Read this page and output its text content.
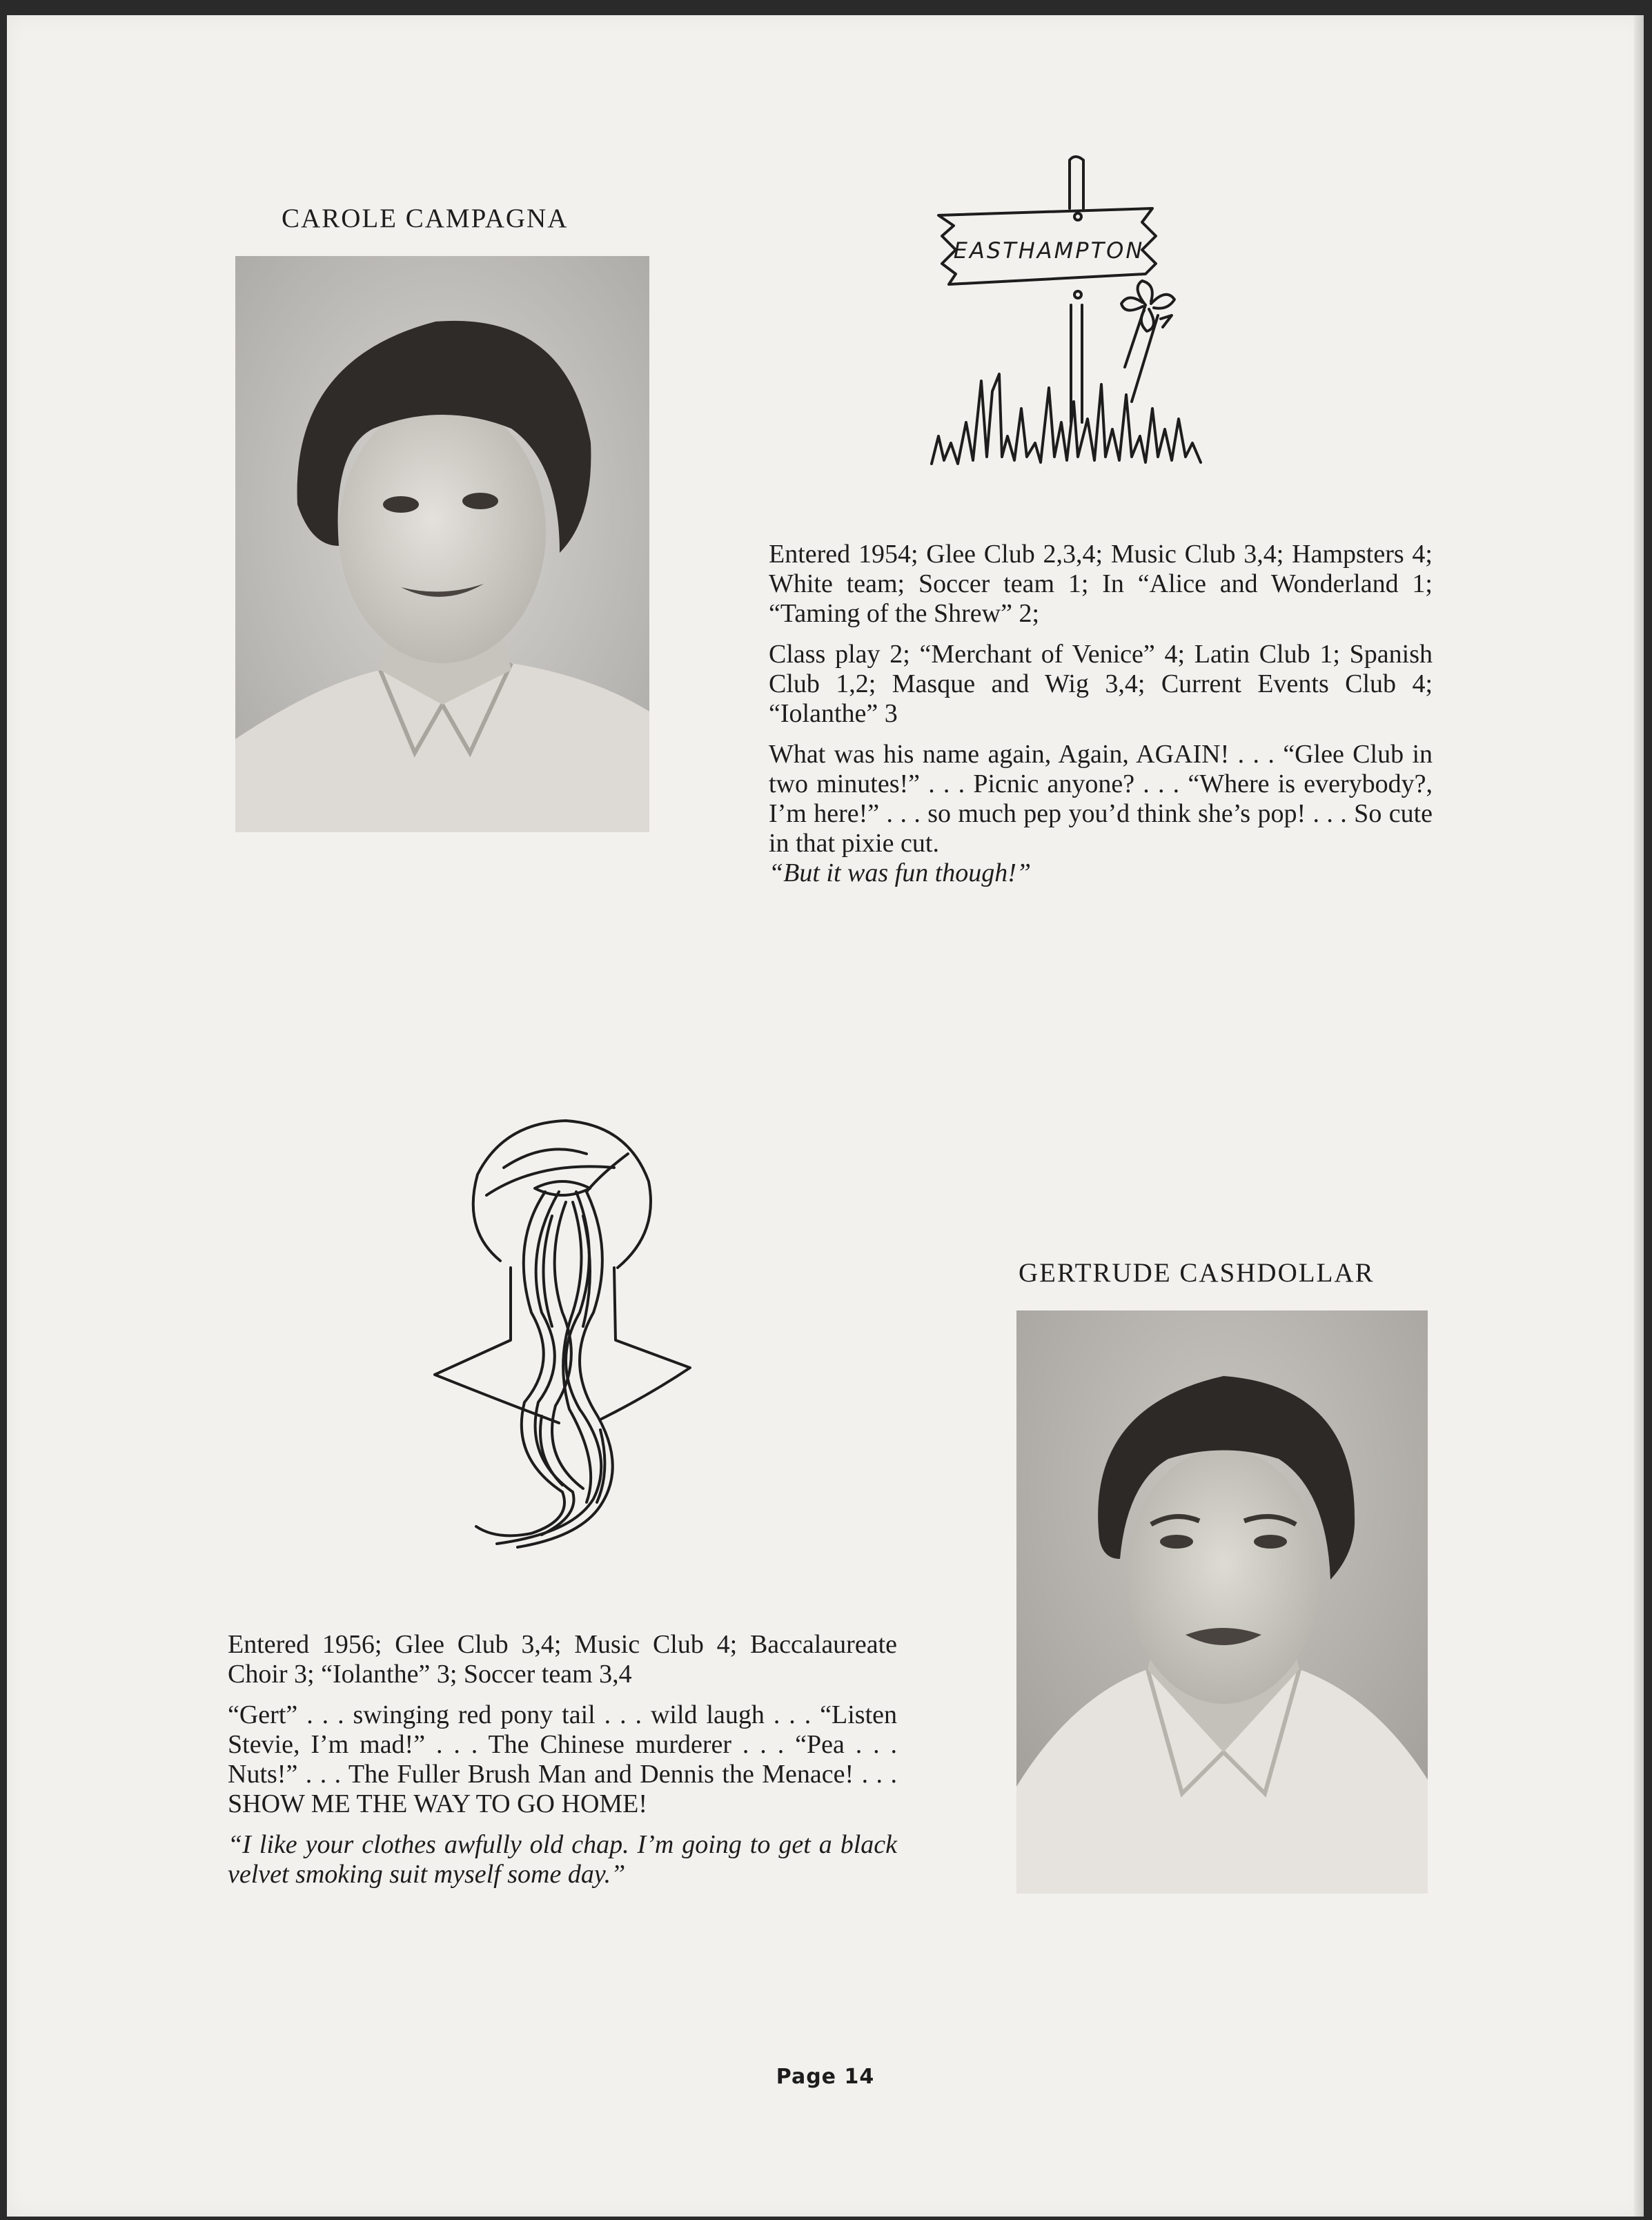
CAROLE CAMPAGNA
EASTHAMPTON

Entered 1954; Glee Club 2,3,4; Music Club 3,4; Hampsters 4; White team; Soccer team 1; In “Alice and Wonderland 1; “Taming of the Shrew” 2;

Class play 2; “Merchant of Venice” 4; Latin Club 1; Spanish Club 1,2; Masque and Wig 3,4; Current Events Club 4; “Iolanthe” 3

What was his name again, Again, AGAIN! . . . “Glee Club in two minutes!” . . . Picnic anyone? . . . “Where is everybody?, I’m here!” . . . so much pep you’d think she’s pop! . . . So cute in that pixie cut.

“But it was fun though!”

GERTRUDE CASHDOLLAR

Entered 1956; Glee Club 3,4; Music Club 4; Baccalaureate Choir 3; “Iolanthe” 3; Soccer team 3,4

“Gert” . . . swinging red pony tail . . . wild laugh . . . “Listen Stevie, I’m mad!” . . . The Chinese murderer . . . “Pea . . . Nuts!” . . . The Fuller Brush Man and Dennis the Menace! . . . SHOW ME THE WAY TO GO HOME!

“I like your clothes awfully old chap. I’m going to get a black velvet smoking suit myself some day.”

Page 14
